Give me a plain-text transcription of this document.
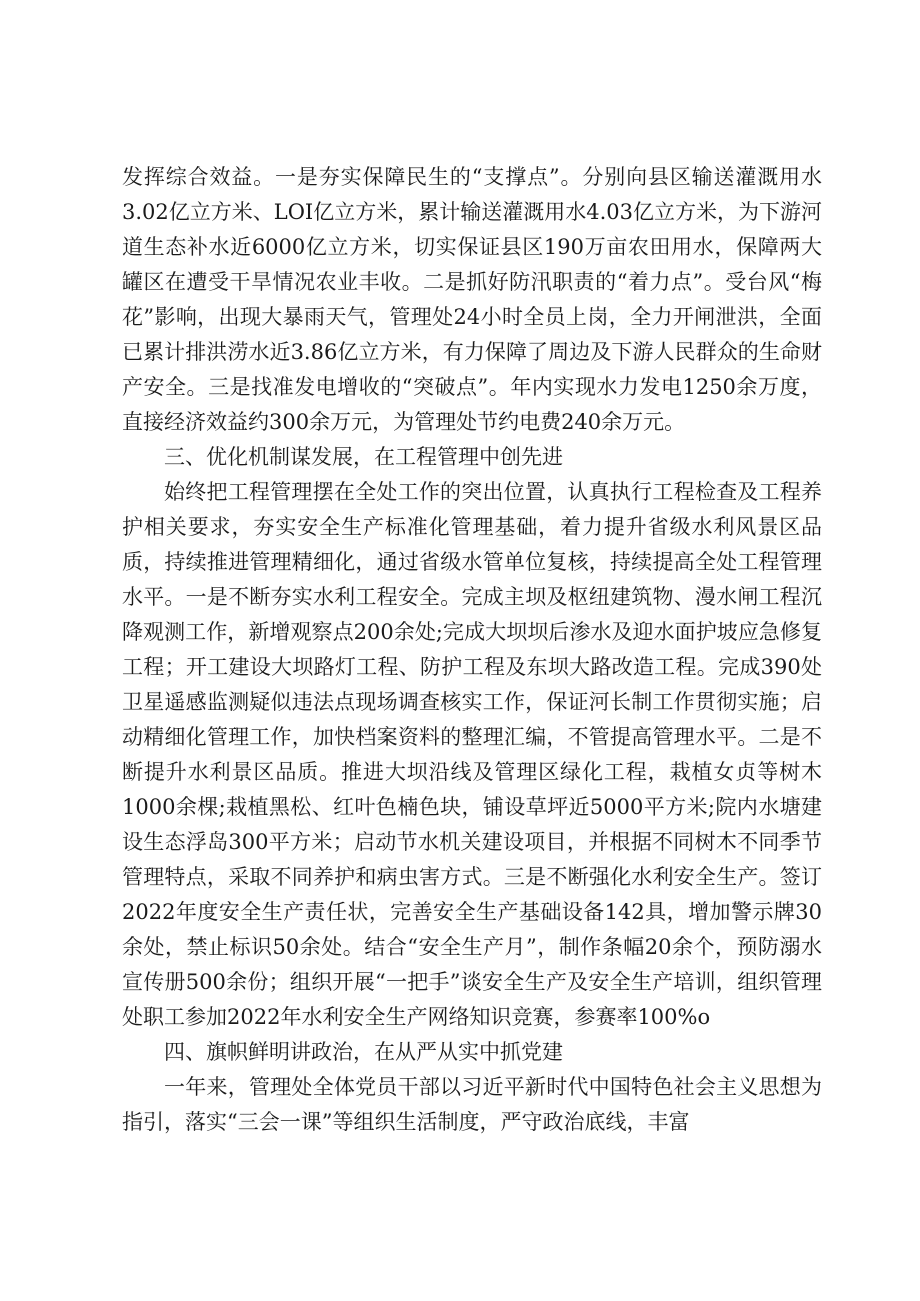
发挥综合效益。一是夯实保障民生的“支撑点”。分别向县区输送灌溉用水3.02亿立方米、LOI亿立方米，累计输送灌溉用水4.03亿立方米，为下游河道生态补水近6000亿立方米，切实保证县区190万亩农田用水，保障两大罐区在遭受干旱情况农业丰收。二是抓好防汛职责的“着力点”。受台风“梅花”影响，出现大暴雨天气，管理处24小时全员上岗，全力开闸泄洪，全面已累计排洪涝水近3.86亿立方米，有力保障了周边及下游人民群众的生命财产安全。三是找准发电增收的“突破点”。年内实现水力发电1250余万度，直接经济效益约300余万元，为管理处节约电费240余万元。

三、优化机制谋发展，在工程管理中创先进

始终把工程管理摆在全处工作的突出位置，认真执行工程检查及工程养护相关要求，夯实安全生产标准化管理基础，着力提升省级水利风景区品质，持续推进管理精细化，通过省级水管单位复核，持续提高全处工程管理水平。一是不断夯实水利工程安全。完成主坝及枢纽建筑物、漫水闸工程沉降观测工作，新增观察点200余处;完成大坝坝后渗水及迎水面护坡应急修复工程；开工建设大坝路灯工程、防护工程及东坝大路改造工程。完成390处卫星遥感监测疑似违法点现场调查核实工作，保证河长制工作贯彻实施；启动精细化管理工作，加快档案资料的整理汇编，不管提高管理水平。二是不断提升水利景区品质。推进大坝沿线及管理区绿化工程，栽植女贞等树木1000余棵;栽植黑松、红叶色楠色块，铺设草坪近5000平方米;院内水塘建设生态浮岛300平方米；启动节水机关建设项目，并根据不同树木不同季节管理特点，采取不同养护和病虫害方式。三是不断强化水利安全生产。签订2022年度安全生产责任状，完善安全生产基础设备142具，增加警示牌30余处，禁止标识50余处。结合“安全生产月”，制作条幅20余个，预防溺水宣传册500余份；组织开展“一把手”谈安全生产及安全生产培训，组织管理处职工参加2022年水利安全生产网络知识竞赛，参赛率100%o

四、旗帜鲜明讲政治，在从严从实中抓党建

一年来，管理处全体党员干部以习近平新时代中国特色社会主义思想为指引，落实“三会一课”等组织生活制度，严守政治底线，丰富
